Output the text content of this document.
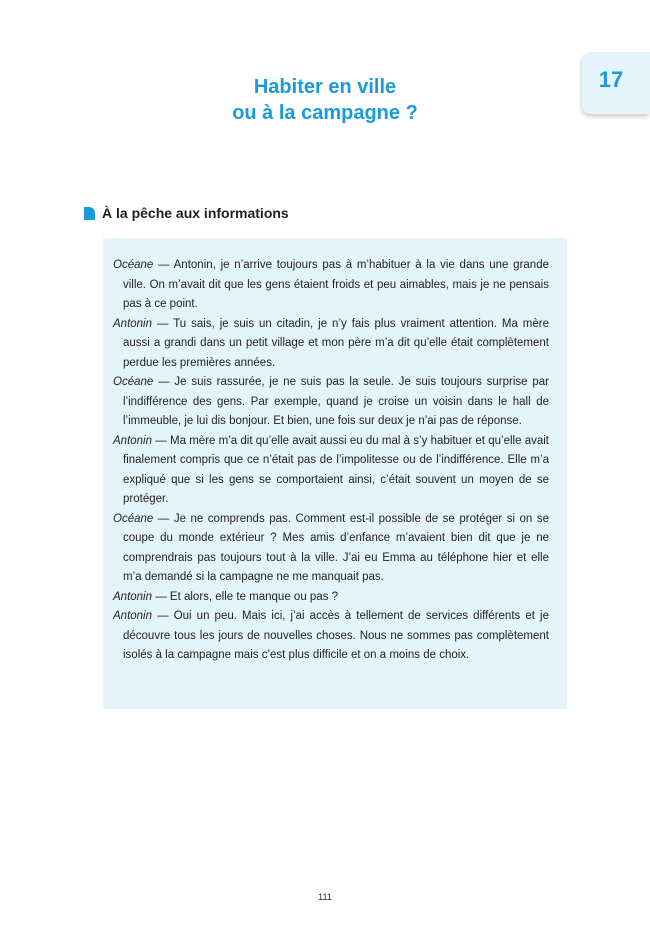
17
Habiter en ville
ou à la campagne ?
À la pêche aux informations

Océane — Antonin, je n’arrive toujours pas à m’habituer à la vie dans une grande ville. On m’avait dit que les gens étaient froids et peu aimables, mais je ne pensais pas à ce point.

Antonin — Tu sais, je suis un citadin, je n’y fais plus vraiment attention. Ma mère aussi a grandi dans un petit village et mon père m’a dit qu’elle était complètement perdue les premières années.

Océane — Je suis rassurée, je ne suis pas la seule. Je suis toujours surprise par l’indifférence des gens. Par exemple, quand je croise un voisin dans le hall de l’immeuble, je lui dis bonjour. Et bien, une fois sur deux je n’ai pas de réponse.

Antonin — Ma mère m’a dit qu’elle avait aussi eu du mal à s’y habituer et qu’elle avait finalement compris que ce n’était pas de l’impolitesse ou de l’indifférence. Elle m’a expliqué que si les gens se comportaient ainsi, c’était souvent un moyen de se protéger.

Océane — Je ne comprends pas. Comment est-il possible de se protéger si on se coupe du monde extérieur ? Mes amis d’enfance m’avaient bien dit que je ne comprendrais pas toujours tout à la ville. J’ai eu Emma au téléphone hier et elle m’a demandé si la campagne ne me manquait pas.

Antonin — Et alors, elle te manque ou pas ?

Antonin — Oui un peu. Mais ici, j’ai accès à tellement de services différents et je découvre tous les jours de nouvelles choses. Nous ne sommes pas complètement isolés à la campagne mais c’est plus difficile et on a moins de choix.

111
